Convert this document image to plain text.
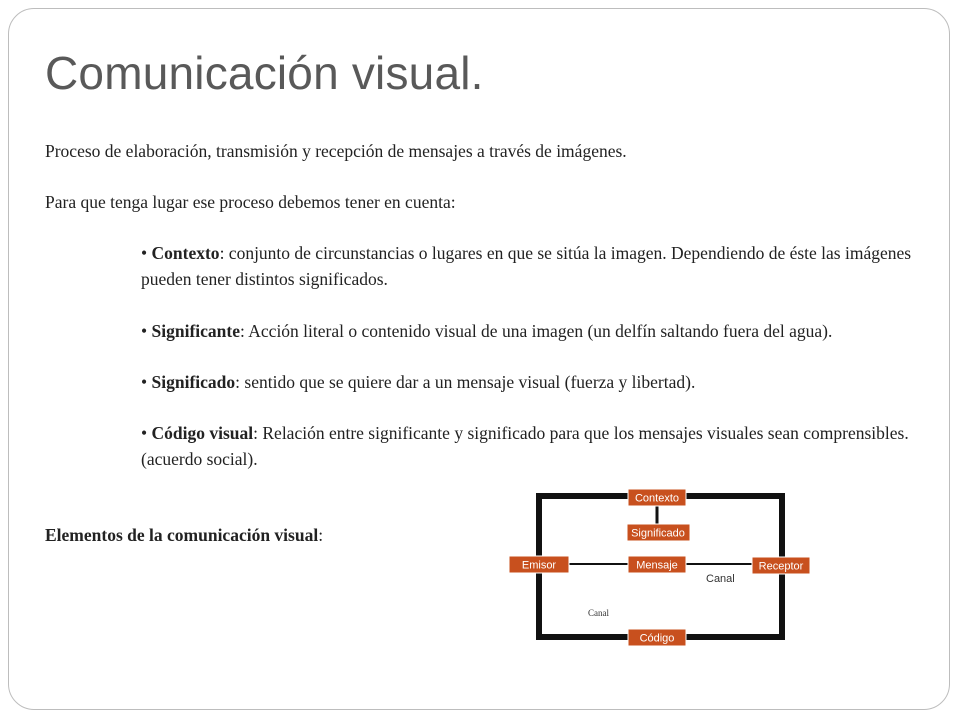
Comunicación visual.

Proceso de elaboración, transmisión y recepción de mensajes a través de imágenes.

Para que tenga lugar ese proceso debemos tener en cuenta:

• Contexto: conjunto de circunstancias o lugares en que se sitúa la imagen. Dependiendo de éste las imágenes pueden tener distintos significados.

• Significante: Acción literal o contenido visual de una imagen (un delfín saltando fuera del agua).

• Significado: sentido que se quiere dar a un mensaje visual (fuerza y libertad).

• Código visual: Relación entre significante y significado para que los mensajes visuales sean comprensibles. (acuerdo social).

Elementos de la comunicación visual:

Contexto
Significado
Emisor	Mensaje	Receptor
Código
Canal
Canal
